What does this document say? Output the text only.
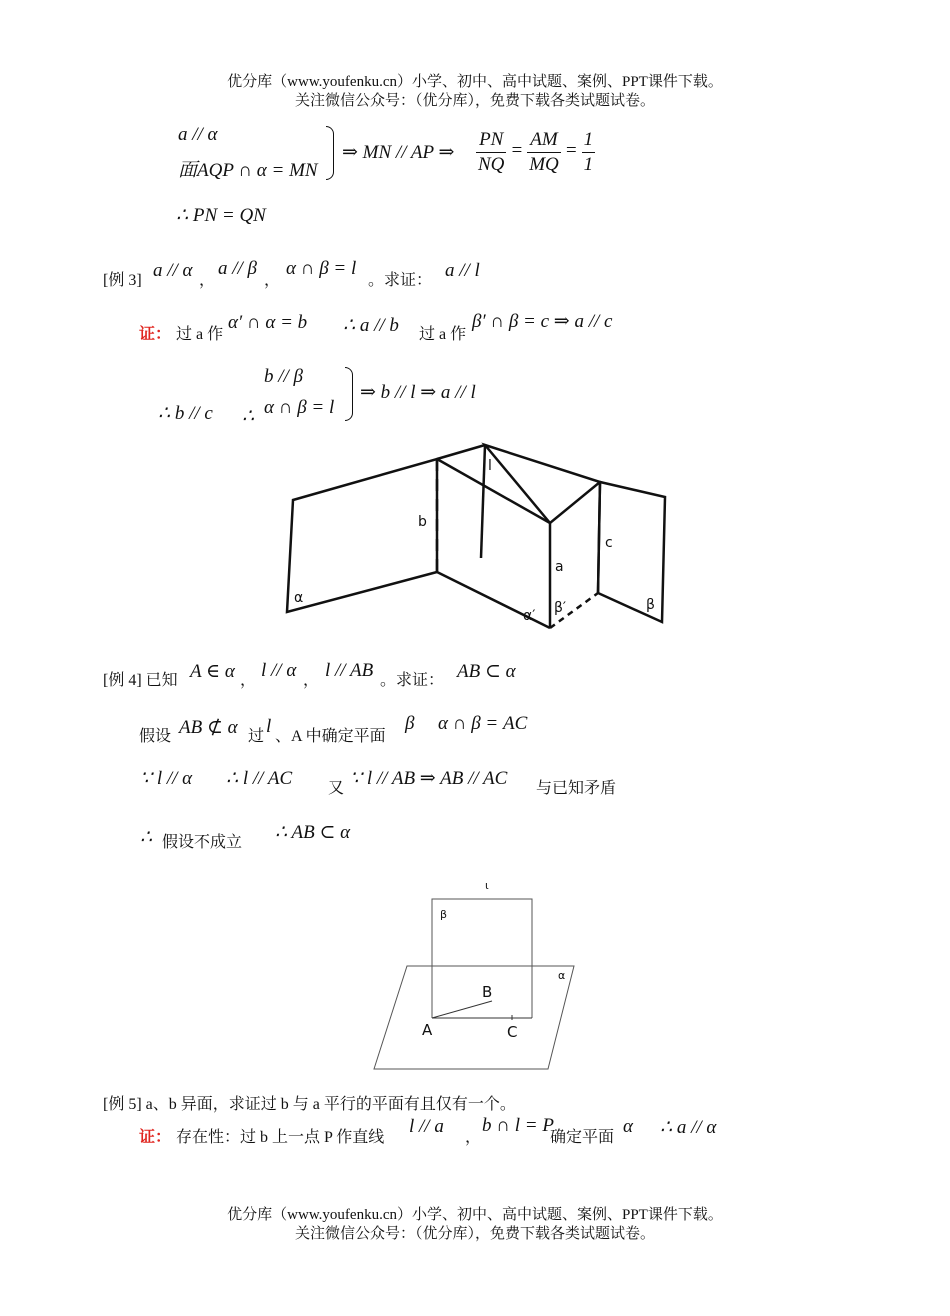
优分库（www.youfenku.cn）小学、初中、高中试题、案例、PPT课件下载。
关注微信公众号：（优分库），免费下载各类试题试卷。
a // α
面AQP ∩ α = MN
⇒ MN // AP ⇒ $\frac{PN}{NQ} = \frac{AM}{MQ} = \frac{1}{1}$
∴ PN = QN
[例 3] a // α ，
a // β
，
α ∩ β = l
。求证： a // l
证： 过 a 作
α′ ∩ α = b ∴ a // b 过 a 作
β′ ∩ β = c ⇒ a // c
∴ b // c ∴
b // β
α ∩ β = l
⇒ b // l ⇒ a // l
l
b
c
a
α
α′ β′	β
[例 4] 已知 A ∈ α ， l // α ， l // AB 。求证： AB ⊂ α
假设 AB ⊄ α 过 l 、A 中确定平面
β α ∩ β = AC
∵ l // α ∴ l // AC 又 ∵ l // AB ⇒ AB // AC 与已知矛盾
∴ 假设不成立 ∴ AB ⊂ α
ι
β
α
B
A	C
[例 5] a、b 异面，求证过 b 与 a 平行的平面有且仅有一个。
证： 存在性：过 b 上一点 P 作直线
l // a
，
b ∩ l = P
确定平面
α ∴ a // α
优分库（www.youfenku.cn）小学、初中、高中试题、案例、PPT课件下载。
关注微信公众号：（优分库），免费下载各类试题试卷。
